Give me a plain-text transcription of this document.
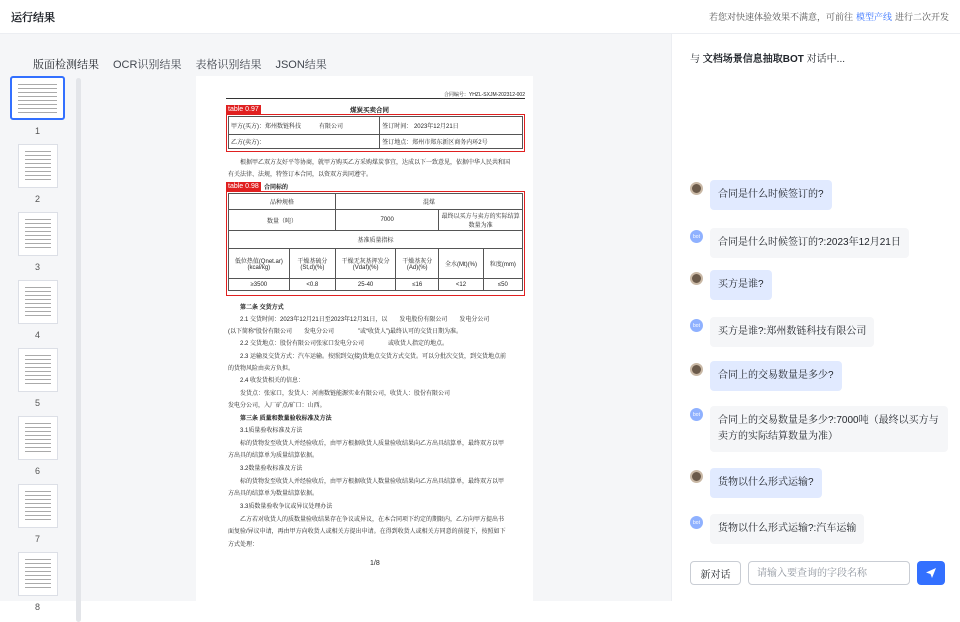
运行结果	若您对快速体验效果不满意，可前往 模型产线 进行二次开发
版面检测结果 OCR识别结果 表格识别结果 JSON结果
1
2
3
4
5
6
7
8
合同编号：YHZL-SXJM-202312-002
煤炭买卖合同
table 0.97
甲方(买方)：郑州数链科技　　　有限公司	签订时间： 2023年12月21日
乙方(卖方)：	签订地点：郑州市郑东新区商务内环2号
根据甲乙双方友好平等协商，就甲方购买乙方采购煤炭事宜，达成以下一致意见，依据中华人民共和国
有关法律、法规，特签订本合同，以资双方共同遵守。
table 0.98 合同标的
品种规格		混煤			
数量（吨）		7000		最终以买方与卖方的实际结算数量为准	
基准质量指标					
低位热值(Qnet.ar)(kcal/kg)	干燥基硫分(St,d)(%)	干燥无灰基挥发分(Vdaf)(%)	干燥基灰分(Ad)(%)	全水(Mt)(%)	粒度(mm)
≥3500	<0.8	25-40	≤16	<12	≤50
第二条 交货方式
2.1 交货时间：2023年12月21日至2023年12月31日，以　　发电股份有限公司　　发电分公司
(以下简称“股份有限公司　　发电分公司　　　　”或“收货人”)最终认可的交货日期为准。
2.2 交货地点：股份有限公司张家口发电分公司　　　　或收货人指定的地点。
2.3 运输及交货方式：汽车运输。按照到交(接)货地点交货方式交货。可以分批次交货，到交货地点前
的货物风险由卖方负担。
2.4 收发货相关的信息：
发货点：张家口，发货人：河南数链能源实业有限公司，收货人：股份有限公司
发电分公司，入厂矿点/矿口：山西。
第三条 质量和数量验收标准及方法
3.1质量验收标准及方法
标的货物发至收货人并经验收后，由甲方根据收货人质量验收结果向乙方出具结算单，最终双方以甲
方出具的结算单为质量结算依据。
3.2数量验收标准及方法
标的货物发至收货人并经验收后，由甲方根据收货人数量验收结果向乙方出具结算单，最终双方以甲
方出具的结算单为数量结算依据。
3.3质数量验收争议或异议处理办法
乙方若对收货人的质数量验收结果存在争议或异议，在本合同项下约定的期限内，乙方向甲方提出书
面复验/异议申请，再由甲方向收货人或相关方提出申请。在得到收货人或相关方同意的前提下，按照如下
方式处理：
1/8
与 文档场景信息抽取BOT 对话中...
合同是什么时候签订的?
bot
合同是什么时候签订的?:2023年12月21日
买方是谁?
bot
买方是谁?:郑州数链科技有限公司
合同上的交易数量是多少?
bot
合同上的交易数量是多少?:7000吨（最终以买方与卖方的实际结算数量为准）
货物以什么形式运输?
bot
货物以什么形式运输?:汽车运输
新对话
请输入要查询的字段名称
